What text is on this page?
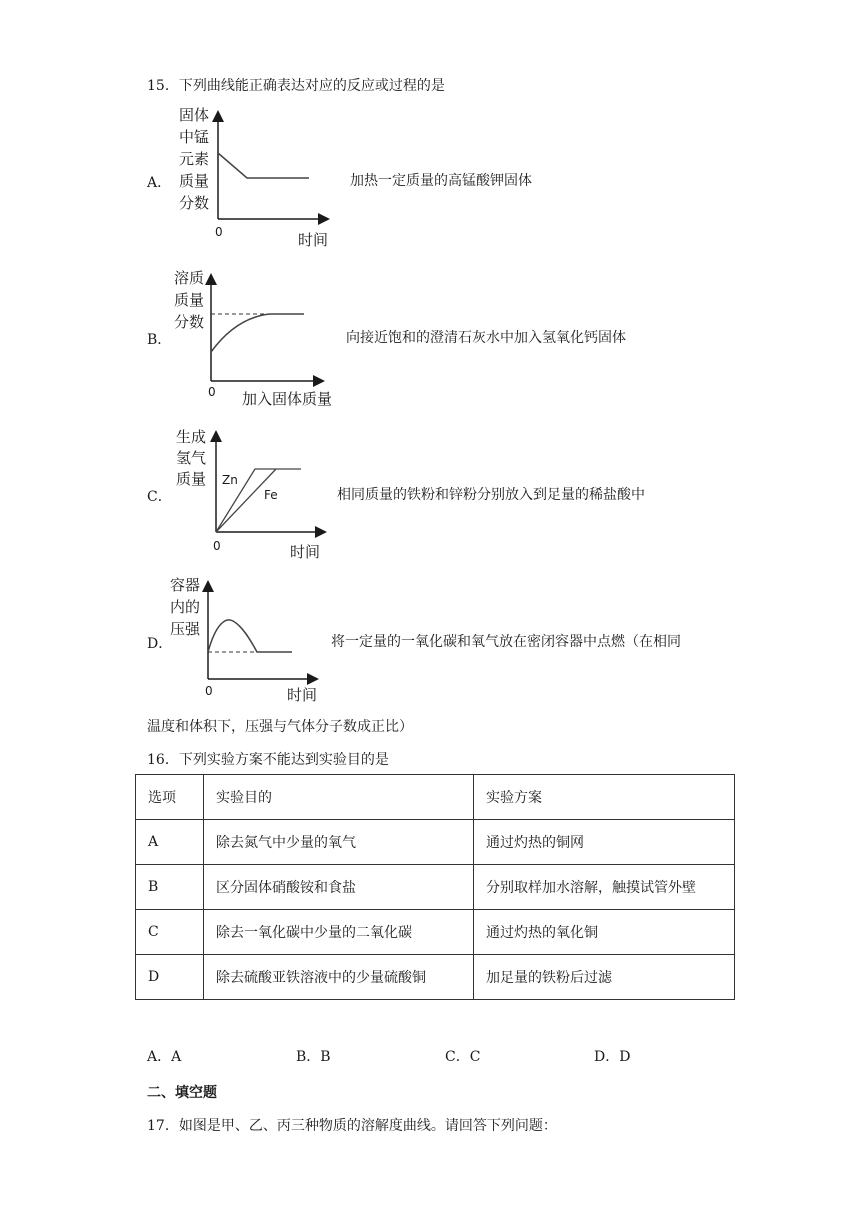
15．下列曲线能正确表达对应的反应或过程的是
A．
固体
中锰
元素
质量
分数
0	时间
加热一定质量的高锰酸钾固体
B．
溶质
质量
分数
0 加入固体质量
向接近饱和的澄清石灰水中加入氢氧化钙固体
C．
生成
氢气
质量 Zn
Fe
0	时间
相同质量的铁粉和锌粉分别放入到足量的稀盐酸中
D．
容器
内的
压强
0	时间
将一定量的一氧化碳和氧气放在密闭容器中点燃（在相同
温度和体积下，压强与气体分子数成正比）
16．下列实验方案不能达到实验目的是
选项	实验目的	实验方案
A	除去氮气中少量的氧气	通过灼热的铜网
B	区分固体硝酸铵和食盐	分别取样加水溶解，触摸试管外壁
C	除去一氧化碳中少量的二氧化碳	通过灼热的氧化铜
D	除去硫酸亚铁溶液中的少量硫酸铜	加足量的铁粉后过滤
A．A	B．B	C．C	D．D
二、填空题
17．如图是甲、乙、丙三种物质的溶解度曲线。请回答下列问题：
